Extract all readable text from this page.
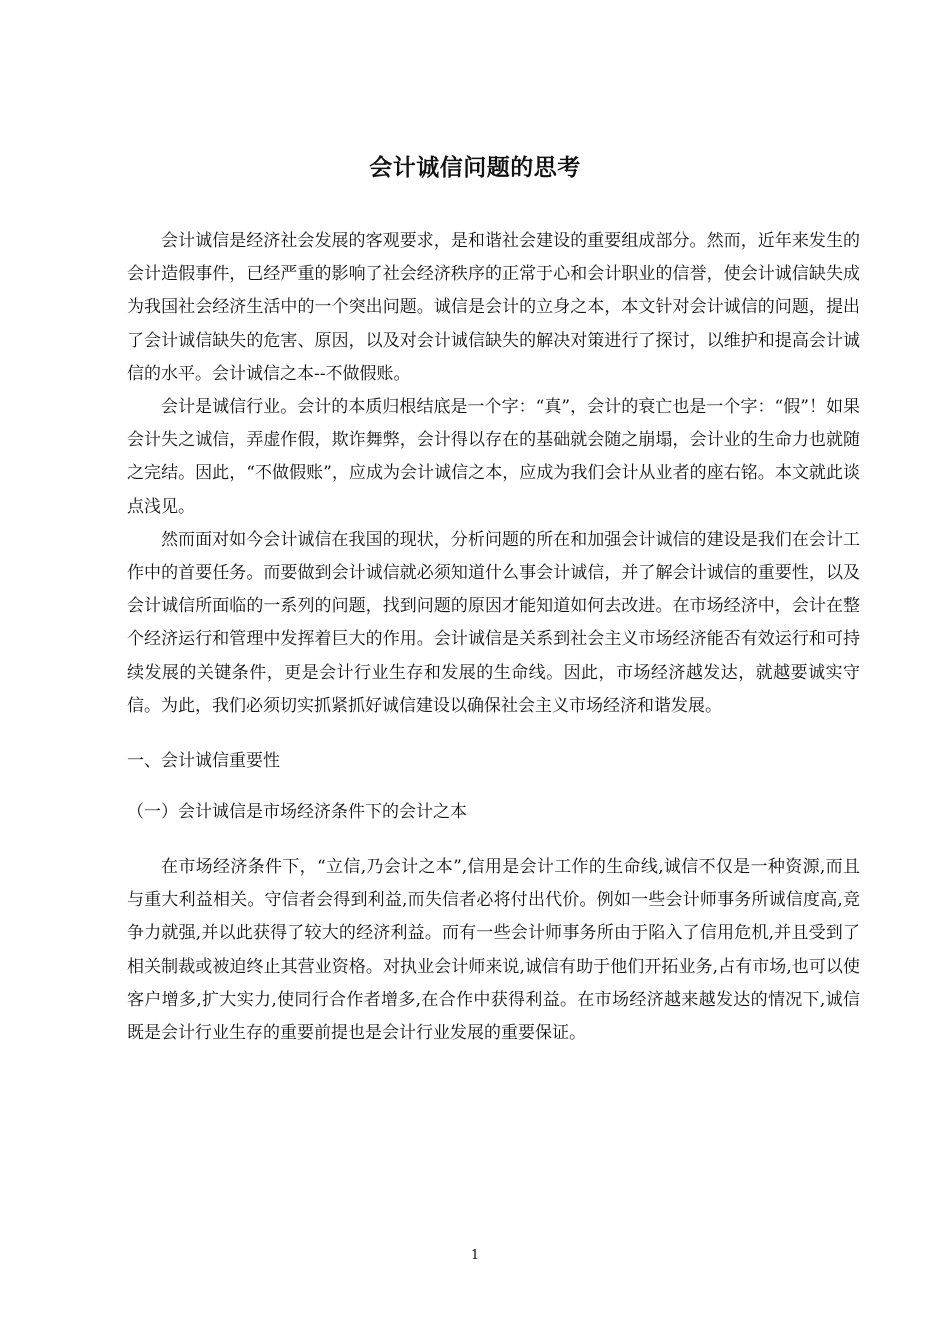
会计诚信问题的思考

会计诚信是经济社会发展的客观要求，是和谐社会建设的重要组成部分。然而，近年来发生的会计造假事件，已经严重的影响了社会经济秩序的正常于心和会计职业的信誉，使会计诚信缺失成为我国社会经济生活中的一个突出问题。诚信是会计的立身之本，本文针对会计诚信的问题，提出了会计诚信缺失的危害、原因，以及对会计诚信缺失的解决对策进行了探讨，以维护和提高会计诚信的水平。会计诚信之本--不做假账。

会计是诚信行业。会计的本质归根结底是一个字：“真”，会计的衰亡也是一个字：“假”！如果会计失之诚信，弄虚作假，欺诈舞弊，会计得以存在的基础就会随之崩塌，会计业的生命力也就随之完结。因此，“不做假账”，应成为会计诚信之本，应成为我们会计从业者的座右铭。本文就此谈点浅见。

然而面对如今会计诚信在我国的现状，分析问题的所在和加强会计诚信的建设是我们在会计工作中的首要任务。而要做到会计诚信就必须知道什么事会计诚信，并了解会计诚信的重要性，以及会计诚信所面临的一系列的问题，找到问题的原因才能知道如何去改进。在市场经济中，会计在整个经济运行和管理中发挥着巨大的作用。会计诚信是关系到社会主义市场经济能否有效运行和可持续发展的关键条件，更是会计行业生存和发展的生命线。因此，市场经济越发达，就越要诚实守信。为此，我们必须切实抓紧抓好诚信建设以确保社会主义市场经济和谐发展。

一、会计诚信重要性

（一）会计诚信是市场经济条件下的会计之本

在市场经济条件下，“立信,乃会计之本”,信用是会计工作的生命线,诚信不仅是一种资源,而且与重大利益相关。守信者会得到利益,而失信者必将付出代价。例如一些会计师事务所诚信度高,竞争力就强,并以此获得了较大的经济利益。而有一些会计师事务所由于陷入了信用危机,并且受到了相关制裁或被迫终止其营业资格。对执业会计师来说,诚信有助于他们开拓业务,占有市场,也可以使客户增多,扩大实力,使同行合作者增多,在合作中获得利益。在市场经济越来越发达的情况下,诚信既是会计行业生存的重要前提也是会计行业发展的重要保证。

1
